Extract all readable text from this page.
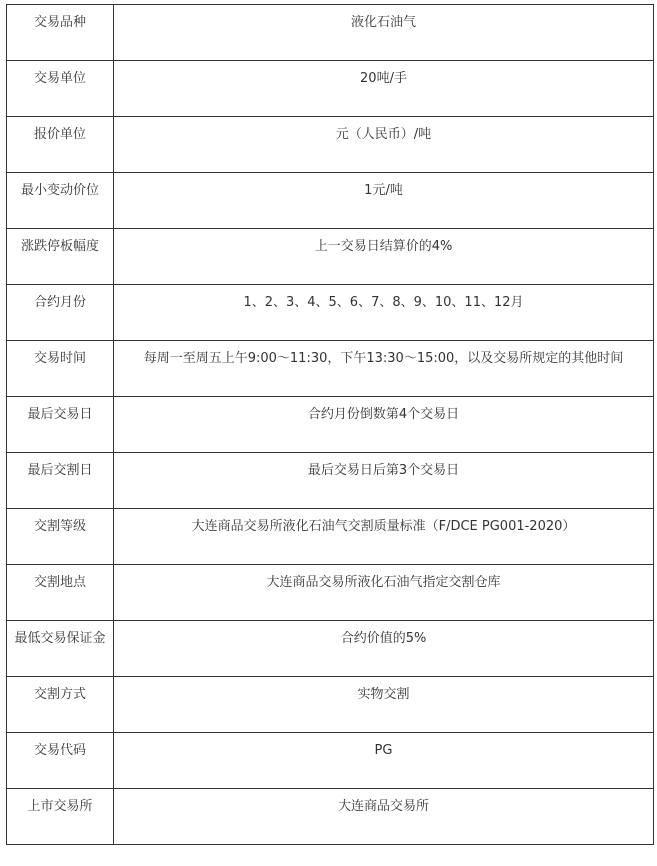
交易品种	液化石油气
交易单位	20吨/手
报价单位	元（人民币）/吨
最小变动价位	1元/吨
涨跌停板幅度	上一交易日结算价的4%
合约月份	1、2、3、4、5、6、7、8、9、10、11、12月
交易时间	每周一至周五上午9:00～11:30，下午13:30～15:00，以及交易所规定的其他时间
最后交易日	合约月份倒数第4个交易日
最后交割日	最后交易日后第3个交易日
交割等级	大连商品交易所液化石油气交割质量标准（F/DCE PG001-2020）
交割地点	大连商品交易所液化石油气指定交割仓库
最低交易保证金	合约价值的5%
交割方式	实物交割
交易代码	PG
上市交易所	大连商品交易所
